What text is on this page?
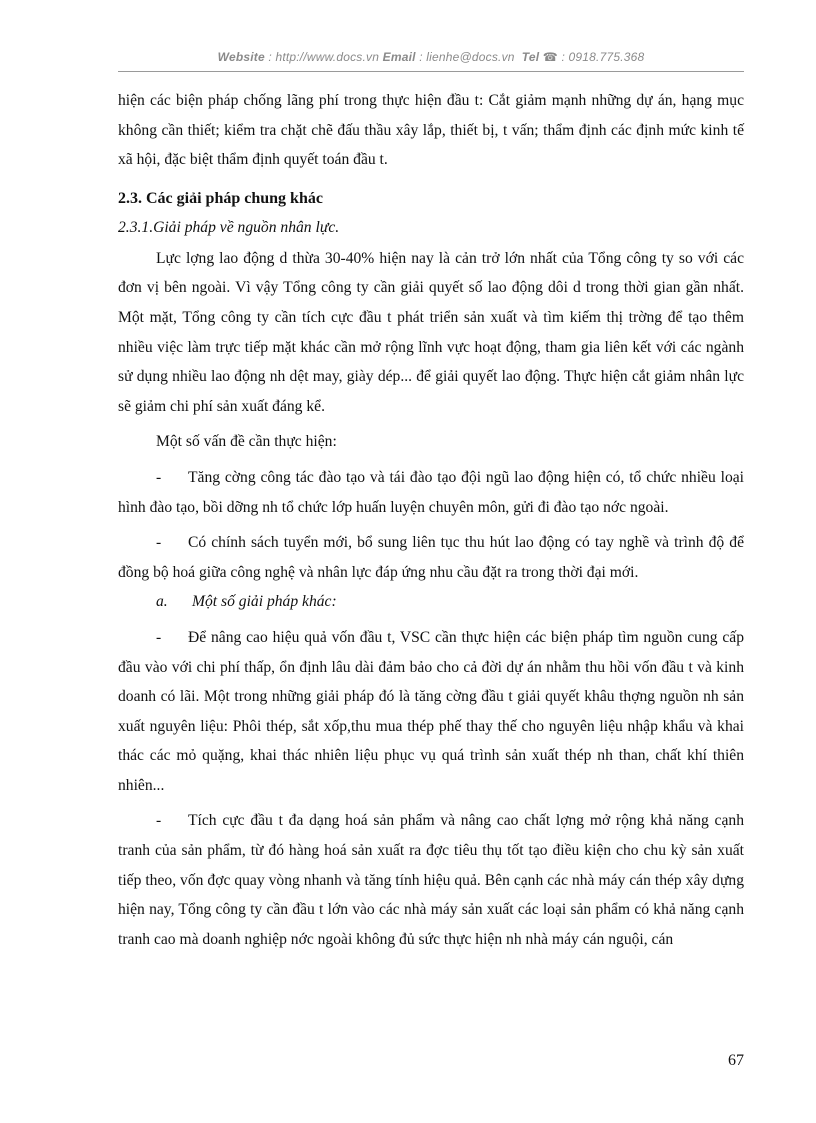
Website : http://www.docs.vn Email : lienhe@docs.vn Tel ☎ : 0918.775.368

hiện các biện pháp chống lãng phí trong thực hiện đầu t: Cắt giảm mạnh những dự án, hạng mục không cần thiết; kiểm tra chặt chẽ đấu thầu xây lắp, thiết bị, t vấn; thẩm định các định mức kinh tế xã hội, đặc biệt thẩm định quyết toán đầu t.

2.3. Các giải pháp chung khác

2.3.1.Giải pháp về nguồn nhân lực.

Lực lợng lao động d thừa 30-40% hiện nay là cản trở lớn nhất của Tổng công ty so với các đơn vị bên ngoài. Vì vậy Tổng công ty cần giải quyết số lao động dôi d trong thời gian gần nhất. Một mặt, Tổng công ty cần tích cực đầu t phát triển sản xuất và tìm kiếm thị trờng để tạo thêm nhiều việc làm trực tiếp mặt khác cần mở rộng lĩnh vực hoạt động, tham gia liên kết với các ngành sử dụng nhiều lao động nh dệt may, giày dép... để giải quyết lao động. Thực hiện cắt giảm nhân lực sẽ giảm chi phí sản xuất đáng kể.

Một số vấn đề cần thực hiện:

- Tăng cờng công tác đào tạo và tái đào tạo đội ngũ lao động hiện có, tổ chức nhiều loại hình đào tạo, bồi dỡng nh tổ chức lớp huấn luyện chuyên môn, gửi đi đào tạo nớc ngoài.

- Có chính sách tuyển mới, bổ sung liên tục thu hút lao động có tay nghề và trình độ để đồng bộ hoá giữa công nghệ và nhân lực đáp ứng nhu cầu đặt ra trong thời đại mới.

a. Một số giải pháp khác:

- Để nâng cao hiệu quả vốn đầu t, VSC cần thực hiện các biện pháp tìm nguồn cung cấp đầu vào với chi phí thấp, ổn định lâu dài đảm bảo cho cả đời dự án nhằm thu hồi vốn đầu t và kinh doanh có lãi. Một trong những giải pháp đó là tăng cờng đầu t giải quyết khâu thợng nguồn nh sản xuất nguyên liệu: Phôi thép, sắt xốp,thu mua thép phế thay thế cho nguyên liệu nhập khẩu và khai thác các mỏ quặng, khai thác nhiên liệu phục vụ quá trình sản xuất thép nh than, chất khí thiên nhiên...

- Tích cực đầu t đa dạng hoá sản phẩm và nâng cao chất lợng mở rộng khả năng cạnh tranh của sản phẩm, từ đó hàng hoá sản xuất ra đợc tiêu thụ tốt tạo điều kiện cho chu kỳ sản xuất tiếp theo, vốn đợc quay vòng nhanh và tăng tính hiệu quả. Bên cạnh các nhà máy cán thép xây dựng hiện nay, Tổng công ty cần đầu t lớn vào các nhà máy sản xuất các loại sản phẩm có khả năng cạnh tranh cao mà doanh nghiệp nớc ngoài không đủ sức thực hiện nh nhà máy cán nguội, cán

67
